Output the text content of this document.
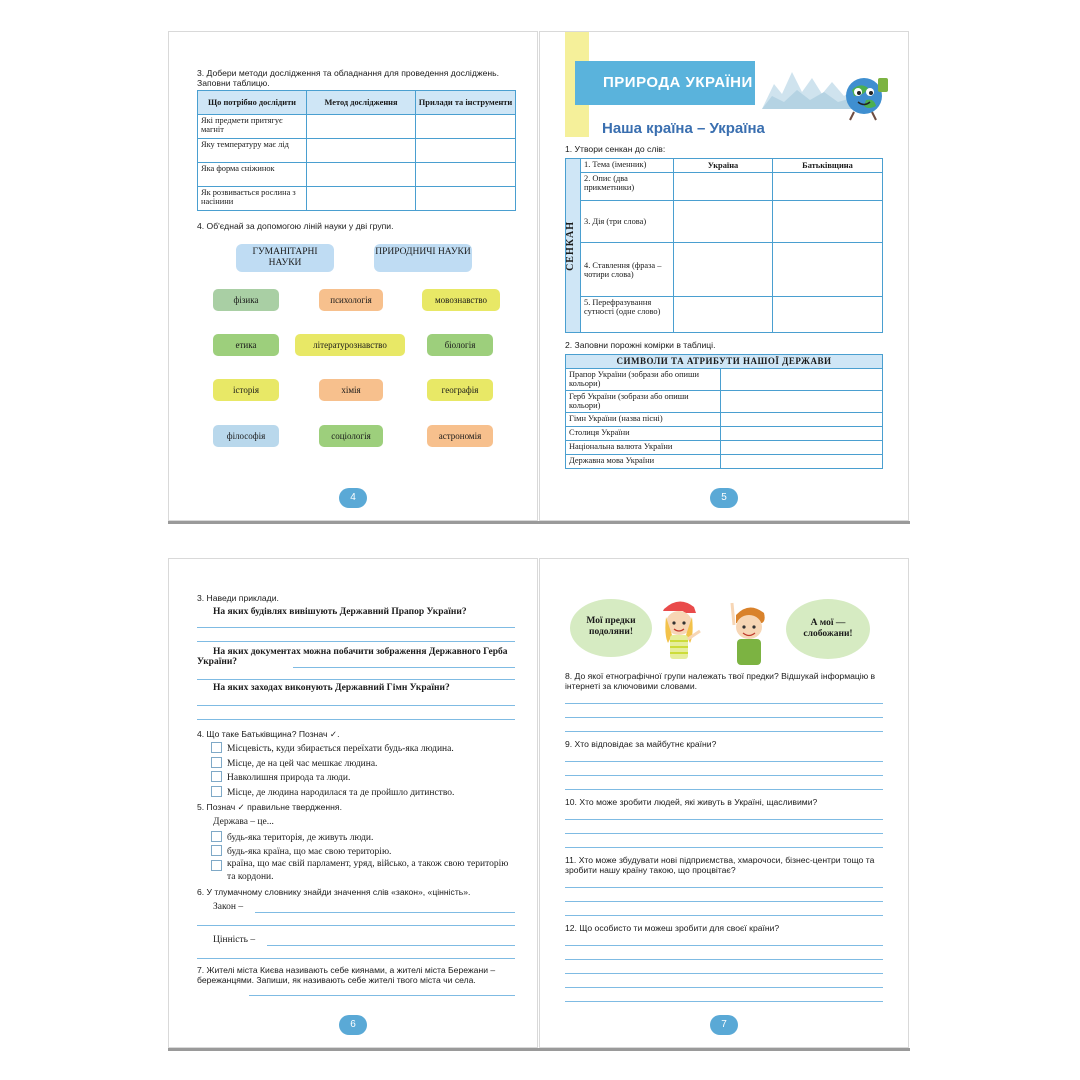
3. Добери методи дослідження та обладнання для проведення досліджень. Заповни таблицю.
Що потрібно дослідити	Метод дослідження	Прилади та інструменти
Які предмети притягує магніт		
Яку температуру має лід		
Яка форма сніжинок		
Як розвивається рослина з насінини		
4. Об'єднай за допомогою ліній науки у дві групи.
ГУМАНІТАРНІ НАУКИ
ПРИРОДНИЧІ НАУКИ
фізика	психологія	мовознавство
етика	літературознавство	біологія
історія	хімія	географія
філософія	соціологія	астрономія
4
ПРИРОДА УКРАЇНИ
Наша країна – Україна
1. Утвори сенкан до слів:
СЕНКАН	1. Тема (іменник)	Україна	Батьківщина
	2. Опис (два прикметники)		
	3. Дія (три слова)		
	4. Ставлення (фраза – чотири слова)		
	5. Перефразування сутності (одне слово)		
2. Заповни порожні комірки в таблиці.
СИМВОЛИ ТА АТРИБУТИ НАШОЇ ДЕРЖАВИ	
Прапор України (зобрази або опиши кольори)	
Герб України (зобрази або опиши кольори)	
Гімн України (назва пісні)	
Столиця України	
Національна валюта України	
Державна мова України	
5
3. Наведи приклади.
На яких будівлях вивішують Державний Прапор України?
На яких документах можна побачити зображення Державного Герба України?
На яких заходах виконують Державний Гімн України?
4. Що таке Батьківщина? Познач ✓.
Місцевість, куди збирається переїхати будь-яка людина.
Місце, де на цей час мешкає людина.
Навколишня природа та люди.
Місце, де людина народилася та де пройшло дитинство.
5. Познач ✓ правильне твердження.
Держава – це...
будь-яка територія, де живуть люди.
будь-яка країна, що має свою територію.
країна, що має свій парламент, уряд, військо, а також свою територію та кордони.
6. У тлумачному словнику знайди значення слів «закон», «цінність».
Закон –
Цінність –
7. Жителі міста Києва називають себе киянами, а жителі міста Бережани – бережанцями. Запиши, як називають себе жителі твого міста чи села.
6
Мої предки подоляни!
А мої — слобожани!
8. До якої етнографічної групи належать твої предки? Відшукай інформацію в інтернеті за ключовими словами.
9. Хто відповідає за майбутнє країни?
10. Хто може зробити людей, які живуть в Україні, щасливими?
11. Хто може збудувати нові підприємства, хмарочоси, бізнес-центри тощо та зробити нашу країну такою, що процвітає?
12. Що особисто ти можеш зробити для своєї країни?
7
